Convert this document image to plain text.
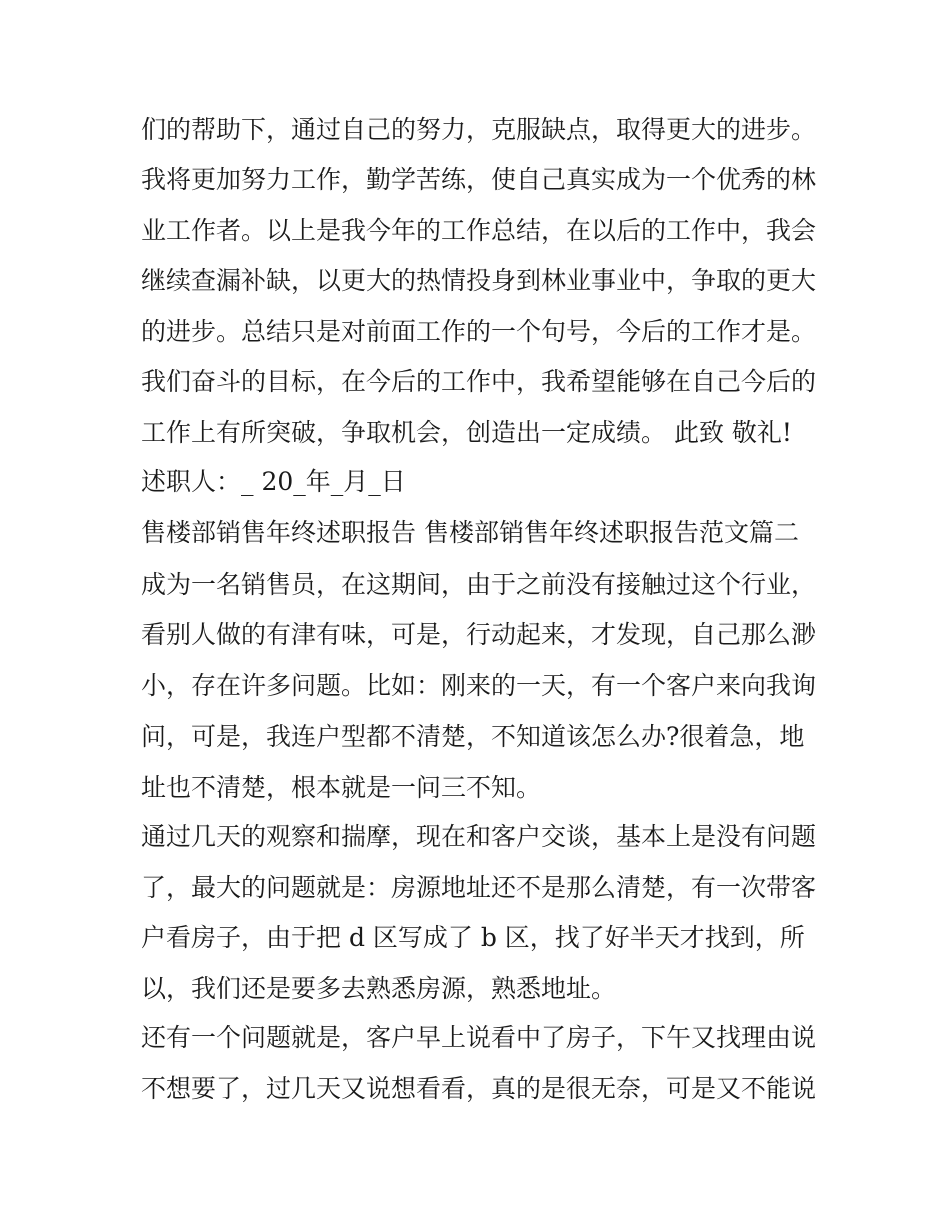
们的帮助下，通过自己的努力，克服缺点，取得更大的进步。
我将更加努力工作，勤学苦练，使自己真实成为一个优秀的林
业工作者。以上是我今年的工作总结，在以后的工作中，我会
继续查漏补缺，以更大的热情投身到林业事业中，争取的更大
的进步。总结只是对前面工作的一个句号，今后的工作才是。
我们奋斗的目标，在今后的工作中，我希望能够在自己今后的
工作上有所突破，争取机会，创造出一定成绩。 此致 敬礼!
述职人：_ 20_年_月_日
售楼部销售年终述职报告 售楼部销售年终述职报告范文篇二
成为一名销售员，在这期间，由于之前没有接触过这个行业，
看别人做的有津有味，可是，行动起来，才发现，自己那么渺
小，存在许多问题。比如：刚来的一天，有一个客户来向我询
问，可是，我连户型都不清楚，不知道该怎么办?很着急，地
址也不清楚，根本就是一问三不知。
通过几天的观察和揣摩，现在和客户交谈，基本上是没有问题
了，最大的问题就是：房源地址还不是那么清楚，有一次带客
户看房子，由于把 d 区写成了 b 区，找了好半天才找到，所
以，我们还是要多去熟悉房源，熟悉地址。
还有一个问题就是，客户早上说看中了房子，下午又找理由说
不想要了，过几天又说想看看，真的是很无奈，可是又不能说
